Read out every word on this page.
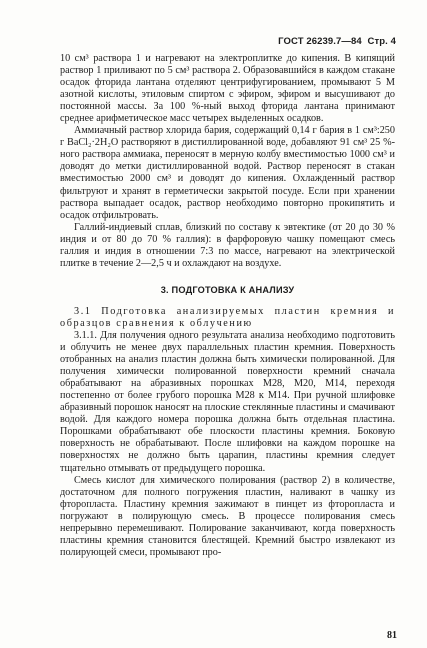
ГОСТ 26239.7—84 Стр. 4

10 см³ раствора 1 и нагревают на электроплитке до кипения. В кипящий раствор 1 приливают по 5 см³ раствора 2. Образовавшийся в каждом стакане осадок фторида лантана отделяют центрифугированием, промывают 5 М азотной кислоты, этиловым спиртом с эфиром, эфиром и высушивают до постоянной массы. За 100 %-ный выход фторида лантана принимают среднее арифметическое масс четырех выделенных осадков.

Аммиачный раствор хлорида бария, содержащий 0,14 г бария в 1 см³:250 г BaCl₂·2H₂O растворяют в дистиллированной воде, добавляют 91 см³ 25 %-ного раствора аммиака, переносят в мерную колбу вместимостью 1000 см³ и доводят до метки дистиллированной водой. Раствор переносят в стакан вместимостью 2000 см³ и доводят до кипения. Охлажденный раствор фильтруют и хранят в герметически закрытой посуде. Если при хранении раствора выпадает осадок, раствор необходимо повторно прокипятить и осадок отфильтровать.

Галлий-индиевый сплав, близкий по составу к эвтектике (от 20 до 30 % индия и от 80 до 70 % галлия): в фарфоровую чашку помещают смесь галлия и индия в отношении 7:3 по массе, нагревают на электрической плитке в течение 2—2,5 ч и охлаждают на воздухе.

3. ПОДГОТОВКА К АНАЛИЗУ

3.1 Подготовка анализируемых пластин кремния и образцов сравнения к облучению

3.1.1. Для получения одного результата анализа необходимо подготовить и облучить не менее двух параллельных пластин кремния. Поверхность отобранных на анализ пластин должна быть химически полированной. Для получения химически полированной поверхности кремний сначала обрабатывают на абразивных порошках М28, М20, М14, переходя постепенно от более грубого порошка М28 к М14. При ручной шлифовке абразивный порошок наносят на плоские стеклянные пластины и смачивают водой. Для каждого номера порошка должна быть отдельная пластина. Порошками обрабатывают обе плоскости пластины кремния. Боковую поверхность не обрабатывают. После шлифовки на каждом порошке на поверхностях не должно быть царапин, пластины кремния следует тщательно отмывать от предыдущего порошка.

Смесь кислот для химического полирования (раствор 2) в количестве, достаточном для полного погружения пластин, наливают в чашку из фторопласта. Пластину кремния зажимают в пинцет из фторопласта и погружают в полирующую смесь. В процессе полирования смесь непрерывно перемешивают. Полирование заканчивают, когда поверхность пластины кремния становится блестящей. Кремний быстро извлекают из полирующей смеси, промывают про-

81
